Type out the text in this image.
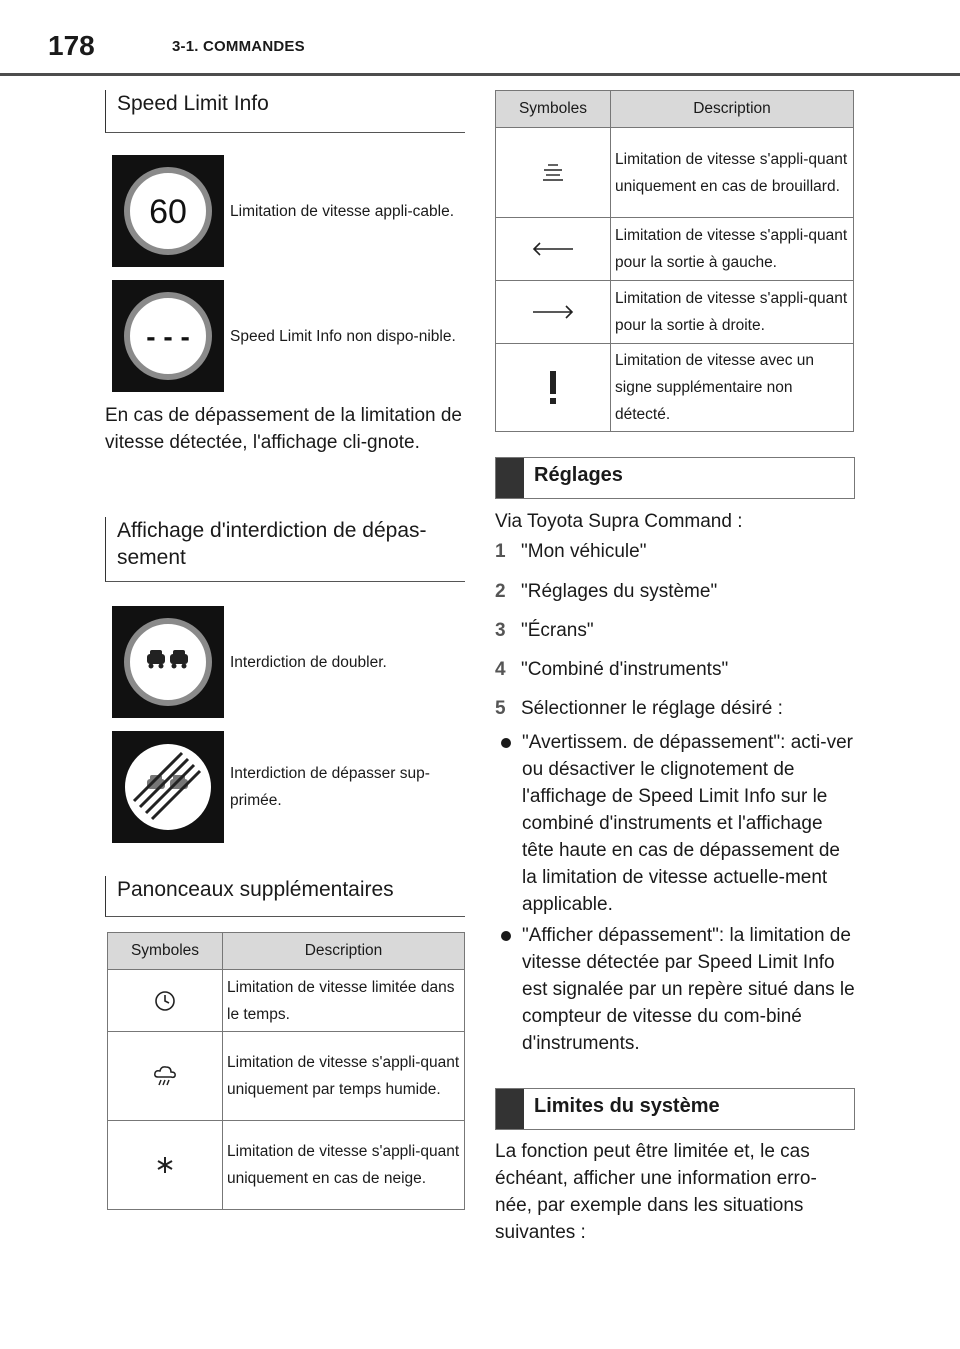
178	3-1. COMMANDES
Speed Limit Info
60	Limitation de vitesse appli-cable.
- - -	Speed Limit Info non dispo-nible.
En cas de dépassement de la limitation de vitesse détectée, l'affichage cli-gnote.
Affichage d'interdiction de dépas-sement
Interdiction de doubler.
Interdiction de dépasser sup-primée.
Panonceaux supplémentaires
Symboles	Description
	Limitation de vitesse limitée dans le temps.
	Limitation de vitesse s'appli-quant uniquement par temps humide.
	Limitation de vitesse s'appli-quant uniquement en cas de neige.
Symboles	Description
	Limitation de vitesse s'appli-quant uniquement en cas de brouillard.
	Limitation de vitesse s'appli-quant pour la sortie à gauche.
	Limitation de vitesse s'appli-quant pour la sortie à droite.
	Limitation de vitesse avec un signe supplémentaire non détecté.
Réglages
Via Toyota Supra Command :
1 "Mon véhicule"
2 "Réglages du système"
3 "Écrans"
4 "Combiné d'instruments"
5 Sélectionner le réglage désiré :
"Avertissem. de dépassement": acti-ver ou désactiver le clignotement de l'affichage de Speed Limit Info sur le combiné d'instruments et l'affichage tête haute en cas de dépassement de la limitation de vitesse actuelle-ment applicable.
"Afficher dépassement": la limitation de vitesse détectée par Speed Limit Info est signalée par un repère situé dans le compteur de vitesse du com-biné d'instruments.
Limites du système
La fonction peut être limitée et, le cas échéant, afficher une information erro-née, par exemple dans les situations suivantes :
